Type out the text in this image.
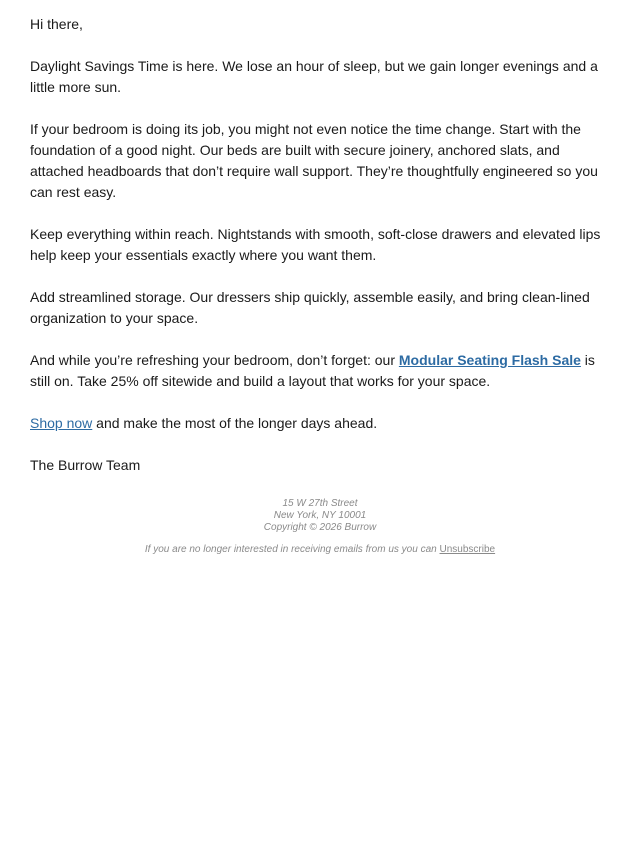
Hi there,

Daylight Savings Time is here. We lose an hour of sleep, but we gain longer evenings and a little more sun.

If your bedroom is doing its job, you might not even notice the time change. Start with the foundation of a good night. Our beds are built with secure joinery, anchored slats, and attached headboards that don’t require wall support. They’re thoughtfully engineered so you can rest easy.

Keep everything within reach. Nightstands with smooth, soft-close drawers and elevated lips help keep your essentials exactly where you want them.

Add streamlined storage. Our dressers ship quickly, assemble easily, and bring clean-lined organization to your space.

And while you’re refreshing your bedroom, don’t forget: our Modular Seating Flash Sale is still on. Take 25% off sitewide and build a layout that works for your space.

Shop now and make the most of the longer days ahead.

The Burrow Team

15 W 27th Street
New York, NY 10001
Copyright © 2026 Burrow
If you are no longer interested in receiving emails from us you can Unsubscribe
